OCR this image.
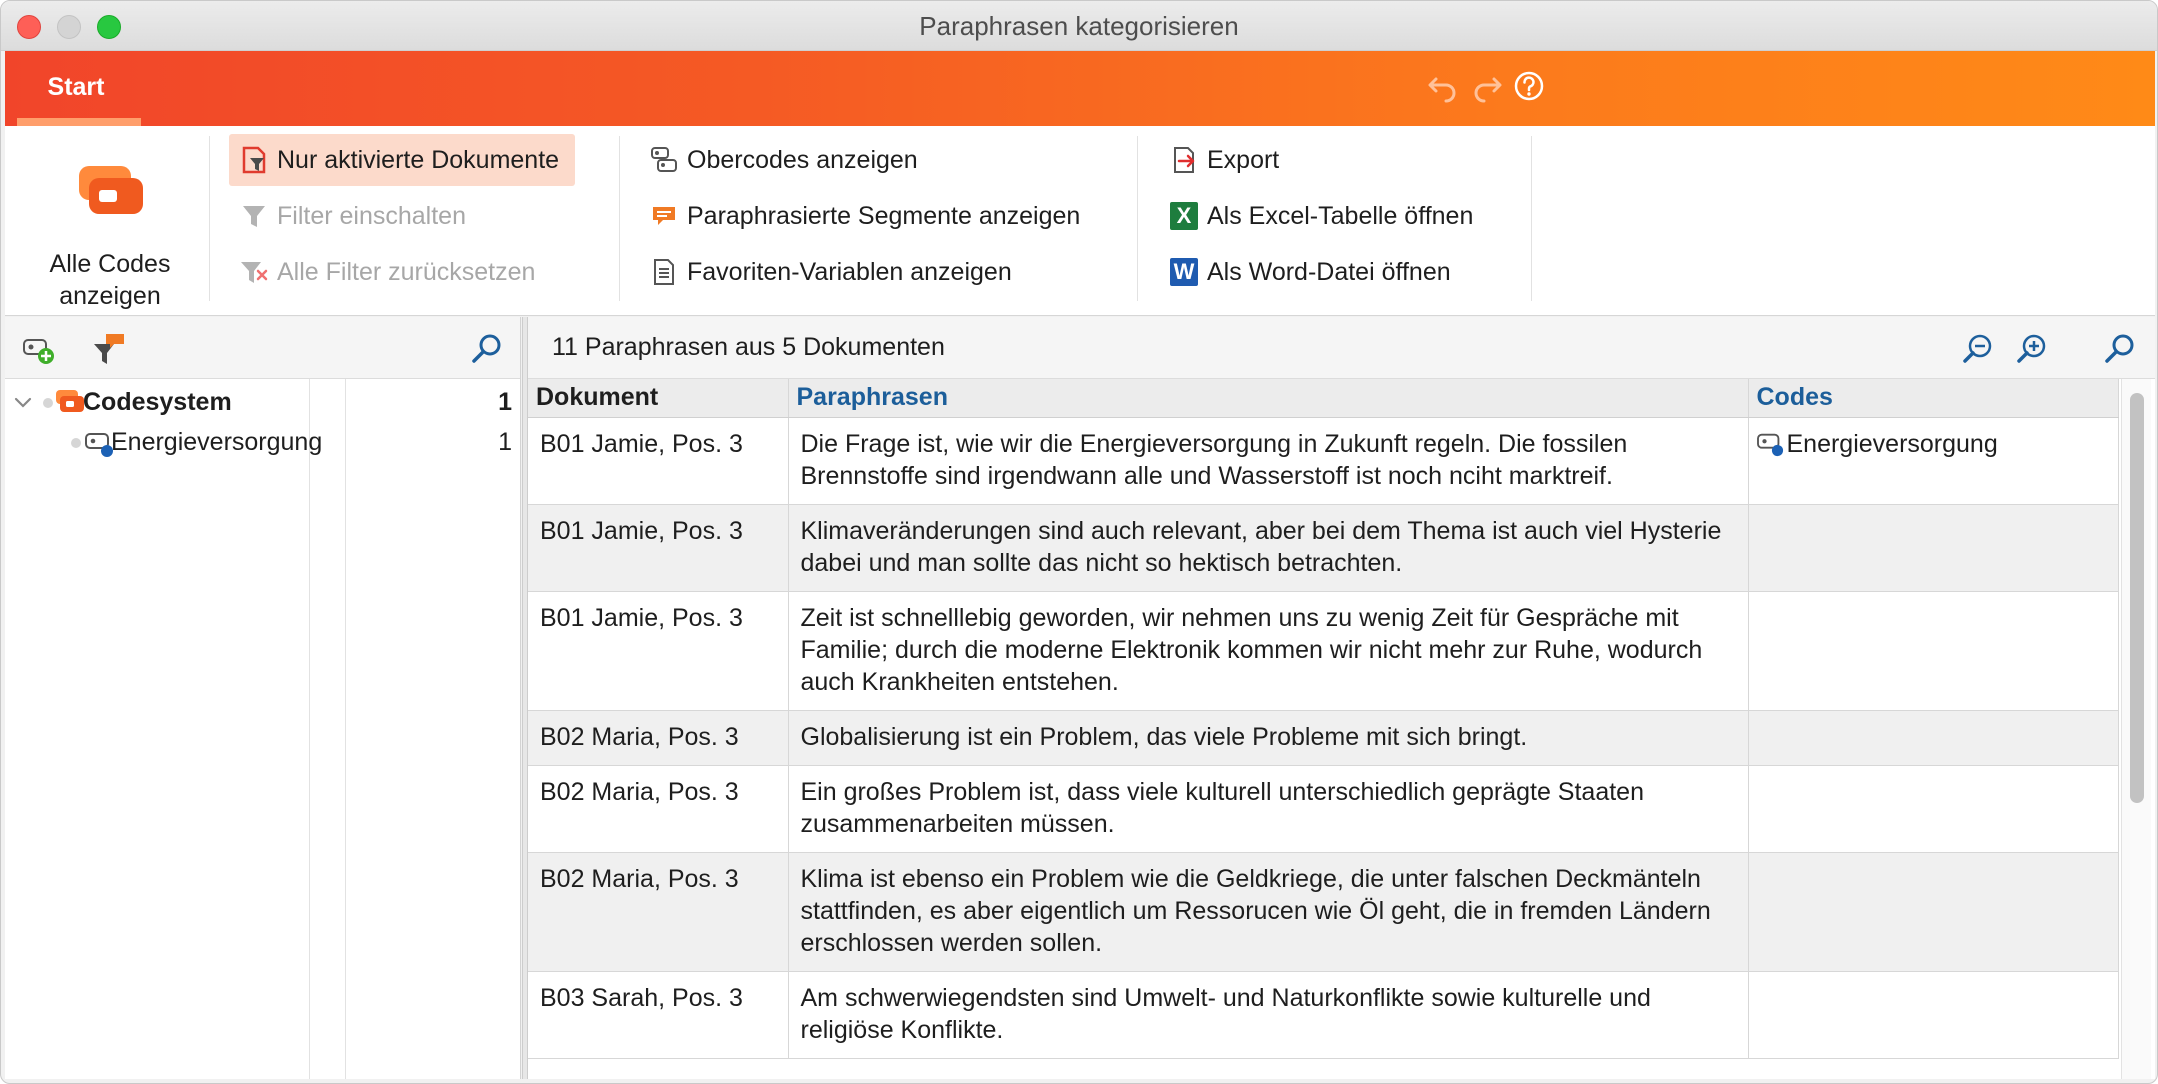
Paraphrasen kategorisieren
Start
Alle Codes
anzeigen
Nur aktivierte Dokumente
Filter einschalten
Alle Filter zurücksetzen
Obercodes anzeigen
Paraphrasierte Segmente anzeigen
Favoriten-Variablen anzeigen
Export
X Als Excel-Tabelle öffnen
W Als Word-Datei öffnen
Codesystem	1
Energieversorgung	1
11 Paraphrasen aus 5 Dokumenten
Dokument	Paraphrasen	Codes
B01 Jamie, Pos. 3	Die Frage ist, wie wir die Energieversorgung in Zukunft regeln. Die fossilen Brennstoffe sind irgendwann alle und Wasserstoff ist noch nciht marktreif.	Energieversorgung

B01 Jamie, Pos. 3	Klimaveränderungen sind auch relevant, aber bei dem Thema ist auch viel Hysterie dabei und man sollte das nicht so hektisch betrachten.	
B01 Jamie, Pos. 3	Zeit ist schnelllebig geworden, wir nehmen uns zu wenig Zeit für Gespräche mit Familie; durch die moderne Elektronik kommen wir nicht mehr zur Ruhe, wodurch auch Krankheiten entstehen.	
B02 Maria, Pos. 3	Globalisierung ist ein Problem, das viele Probleme mit sich bringt.	
B02 Maria, Pos. 3	Ein großes Problem ist, dass viele kulturell unterschiedlich geprägte Staaten zusammenarbeiten müssen.	
B02 Maria, Pos. 3	Klima ist ebenso ein Problem wie die Geldkriege, die unter falschen Deckmänteln stattfinden, es aber eigentlich um Ressorucen wie Öl geht, die in fremden Ländern erschlossen werden sollen.	
B03 Sarah, Pos. 3	Am schwerwiegendsten sind Umwelt- und Naturkonflikte sowie kulturelle und religiöse Konflikte.	
